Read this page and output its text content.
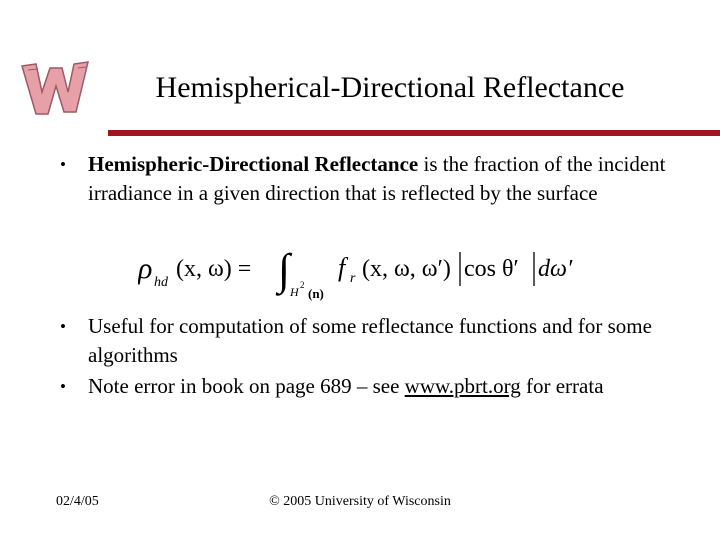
Hemispherical-Directional Reflectance
•	Hemispheric-Directional Reflectance is the fraction of the incident irradiance in a given direction that is reflected by the surface
ρ hd
(x, ω) = ∫ H 2
(n)
f r (x, ω, ω′) cos θ′ dω′
•	Useful for computation of some reflectance functions and for some algorithms
•	Note error in book on page 689 – see www.pbrt.org for errata
02/4/05	© 2005 University of Wisconsin
